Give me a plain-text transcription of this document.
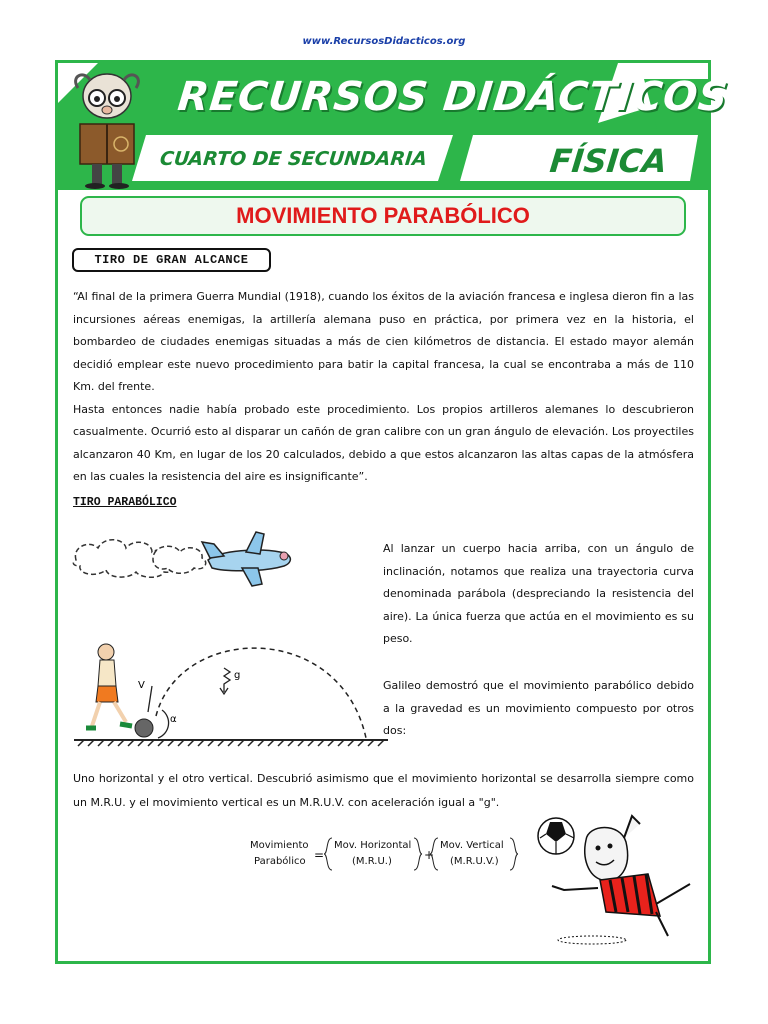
www.RecursosDidacticos.org
RECURSOS DIDÁCTICOS
CUARTO DE SECUNDARIA	FÍSICA
MOVIMIENTO PARABÓLICO
TIRO DE GRAN ALCANCE

“Al final de la primera Guerra Mundial (1918), cuando los éxitos de la aviación francesa e inglesa dieron fin a las incursiones aéreas enemigas, la artillería alemana puso en práctica, por primera vez en la historia, el bombardeo de ciudades enemigas situadas a más de cien kilómetros de distancia. El estado mayor alemán decidió emplear este nuevo procedimiento para batir la capital francesa, la cual se encontraba a más de 110 Km. del frente.

Hasta entonces nadie había probado este procedimiento. Los propios artilleros alemanes lo descubrieron casualmente. Ocurrió esto al disparar un cañón de gran calibre con un gran ángulo de elevación. Los proyectiles alcanzaron 40 Km, en lugar de los 20 calculados, debido a que estos alcanzaron las altas capas de la atmósfera en las cuales la resistencia del aire es insignificante”.

TIRO PARABÓLICO
V
g
α

Al lanzar un cuerpo hacia arriba, con un ángulo de inclinación, notamos que realiza una trayectoria curva denominada parábola (despreciando la resistencia del aire). La única fuerza que actúa en el movimiento es su peso.

Galileo demostró que el movimiento parabólico debido a la gravedad es un movimiento compuesto por otros dos:

Uno horizontal y el otro vertical. Descubrió asimismo que el movimiento horizontal se desarrolla siempre como un M.R.U. y el movimiento vertical es un M.R.U.V. con aceleración igual a "g".
Movimiento
Parabólico =
Mov. Horizontal
(M.R.U.)	+
Mov. Vertical
(M.R.U.V.)
